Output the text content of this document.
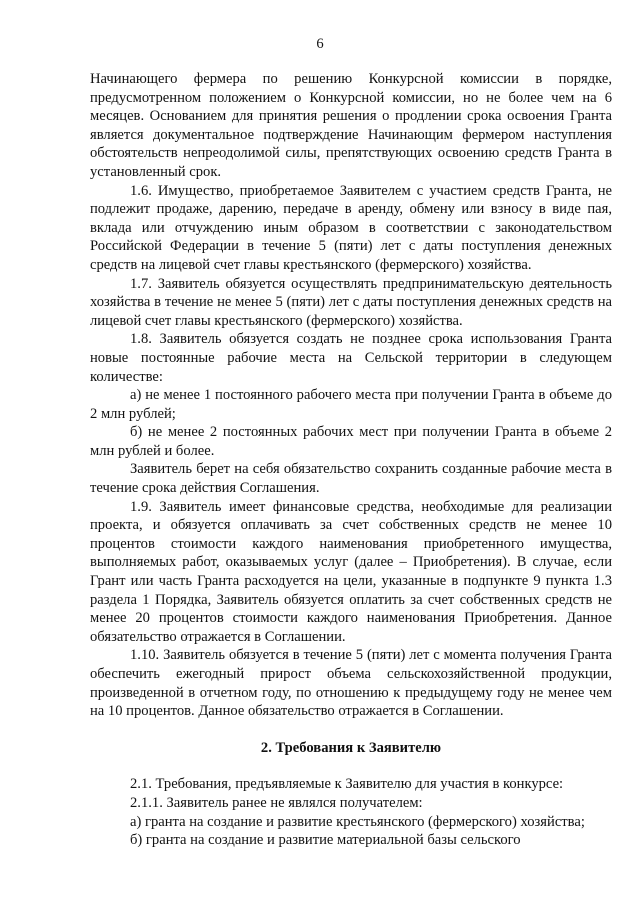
6

Начинающего фермера по решению Конкурсной комиссии в порядке, предусмотренном положением о Конкурсной комиссии, но не более чем на 6 месяцев. Основанием для принятия решения о продлении срока освоения Гранта является документальное подтверждение Начинающим фермером наступления обстоятельств непреодолимой силы, препятствующих освоению средств Гранта в установленный срок.

1.6. Имущество, приобретаемое Заявителем с участием средств Гранта, не подлежит продаже, дарению, передаче в аренду, обмену или взносу в виде пая, вклада или отчуждению иным образом в соответствии с законодательством Российской Федерации в течение 5 (пяти) лет с даты поступления денежных средств на лицевой счет главы крестьянского (фермерского) хозяйства.

1.7. Заявитель обязуется осуществлять предпринимательскую деятельность хозяйства в течение не менее 5 (пяти) лет с даты поступления денежных средств на лицевой счет главы крестьянского (фермерского) хозяйства.

1.8. Заявитель обязуется создать не позднее срока использования Гранта новые постоянные рабочие места на Сельской территории в следующем количестве:

а) не менее 1 постоянного рабочего места при получении Гранта в объеме до 2 млн рублей;

б) не менее 2 постоянных рабочих мест при получении Гранта в объеме 2 млн рублей и более.

Заявитель берет на себя обязательство сохранить созданные рабочие места в течение срока действия Соглашения.

1.9. Заявитель имеет финансовые средства, необходимые для реализации проекта, и обязуется оплачивать за счет собственных средств не менее 10 процентов стоимости каждого наименования приобретенного имущества, выполняемых работ, оказываемых услуг (далее – Приобретения). В случае, если Грант или часть Гранта расходуется на цели, указанные в подпункте 9 пункта 1.3 раздела 1 Порядка, Заявитель обязуется оплатить за счет собственных средств не менее 20 процентов стоимости каждого наименования Приобретения. Данное обязательство отражается в Соглашении.

1.10. Заявитель обязуется в течение 5 (пяти) лет с момента получения Гранта обеспечить ежегодный прирост объема сельскохозяйственной продукции, произведенной в отчетном году, по отношению к предыдущему году не менее чем на 10 процентов. Данное обязательство отражается в Соглашении.

2. Требования к Заявителю

2.1. Требования, предъявляемые к Заявителю для участия в конкурсе:

2.1.1. Заявитель ранее не являлся получателем:

а) гранта на создание и развитие крестьянского (фермерского) хозяйства;

б) гранта на создание и развитие материальной базы сельского
